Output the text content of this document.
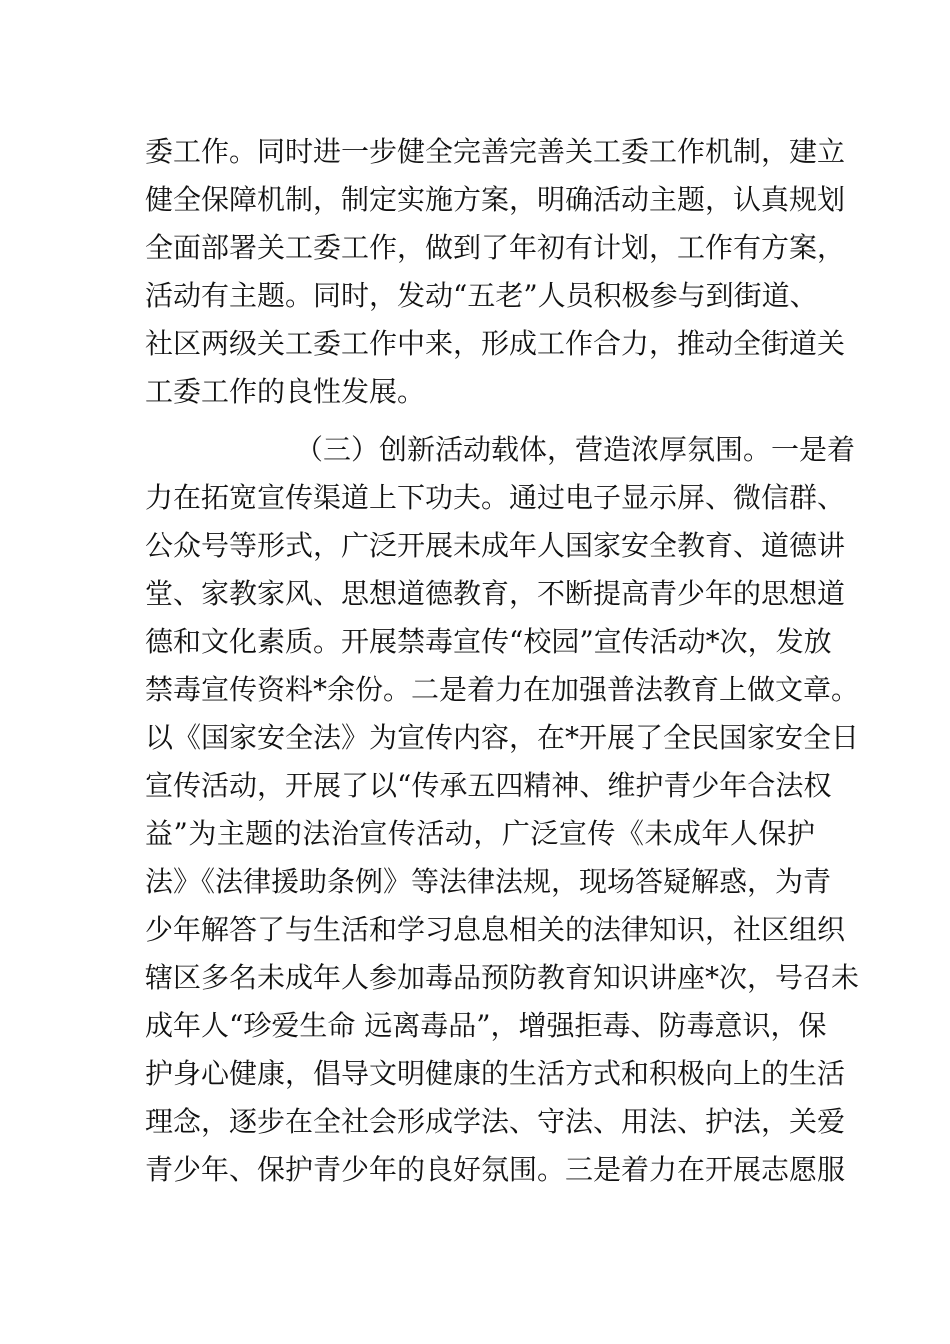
委工作。同时进一步健全完善完善关工委工作机制，建立
健全保障机制，制定实施方案，明确活动主题，认真规划
全面部署关工委工作，做到了年初有计划，工作有方案，
活动有主题。同时，发动“五老”人员积极参与到街道、
社区两级关工委工作中来，形成工作合力，推动全街道关
工委工作的良性发展。
（三）创新活动载体，营造浓厚氛围。一是着
力在拓宽宣传渠道上下功夫。通过电子显示屏、微信群、
公众号等形式，广泛开展未成年人国家安全教育、道德讲
堂、家教家风、思想道德教育，不断提高青少年的思想道
德和文化素质。开展禁毒宣传“校园”宣传活动*次，发放
禁毒宣传资料*余份。二是着力在加强普法教育上做文章。
以《国家安全法》为宣传内容，在*开展了全民国家安全日
宣传活动，开展了以“传承五四精神、维护青少年合法权
益”为主题的法治宣传活动，广泛宣传《未成年人保护
法》《法律援助条例》等法律法规，现场答疑解惑，为青
少年解答了与生活和学习息息相关的法律知识，社区组织
辖区多名未成年人参加毒品预防教育知识讲座*次，号召未
成年人“珍爱生命 远离毒品”，增强拒毒、防毒意识，保
护身心健康，倡导文明健康的生活方式和积极向上的生活
理念，逐步在全社会形成学法、守法、用法、护法，关爱
青少年、保护青少年的良好氛围。三是着力在开展志愿服
